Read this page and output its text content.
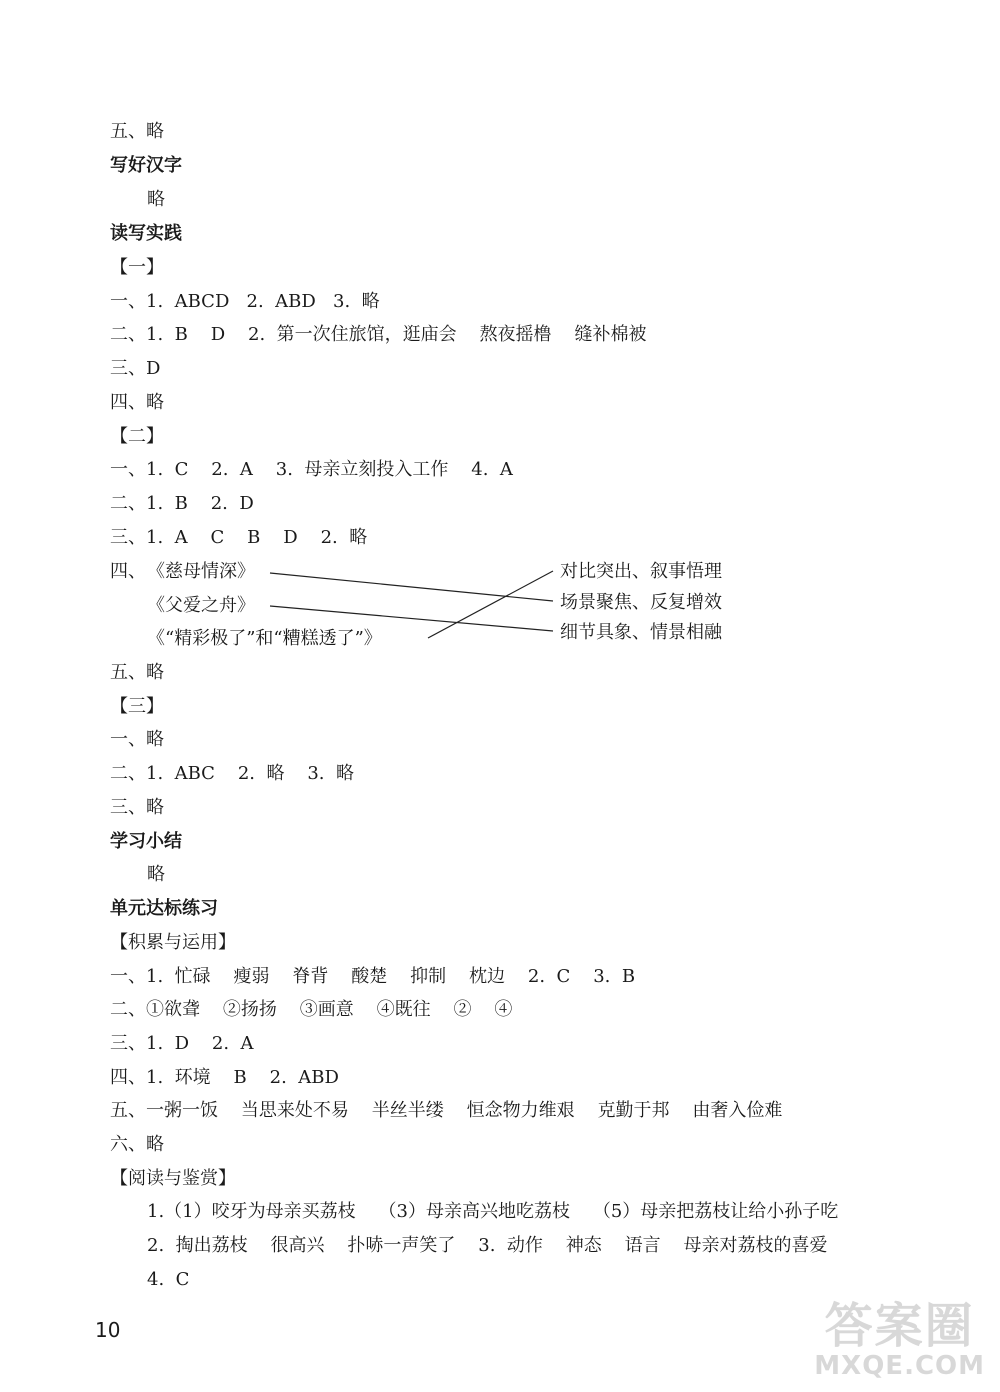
五、略
写好汉字
略
读写实践
【一】
一、1.  ABCD   2.  ABD   3.  略
二、1.  B    D    2.  第一次住旅馆，逛庙会    熬夜摇橹    缝补棉被
三、D
四、略
【二】
一、1.  C    2.  A    3.  母亲立刻投入工作    4.  A
二、1.  B    2.  D
三、1.  A    C    B    D    2.  略
四、 《慈母情深》
《父爱之舟》
《“精彩极了”和“糟糕透了”》
对比突出、叙事悟理
场景聚焦、反复增效
细节具象、情景相融
五、略
【三】
一、略
二、1.  ABC    2.  略    3.  略
三、略
学习小结
略
单元达标练习
【积累与运用】
一、1.  忙碌    瘦弱    脊背    酸楚    抑制    枕边    2.  C    3.  B
二、①欲聋    ②扬扬    ③画意    ④既往    ②    ④
三、1.  D    2.  A
四、1.  环境    B    2.  ABD
五、一粥一饭    当思来处不易    半丝半缕    恒念物力维艰    克勤于邦    由奢入俭难
六、略
【阅读与鉴赏】
1.（1）咬牙为母亲买荔枝    （3）母亲高兴地吃荔枝    （5）母亲把荔枝让给小孙子吃
2.  掏出荔枝    很高兴    扑哧一声笑了    3.  动作    神态    语言    母亲对荔枝的喜爱
4.  C
10	答案圈
MXQE.COM
